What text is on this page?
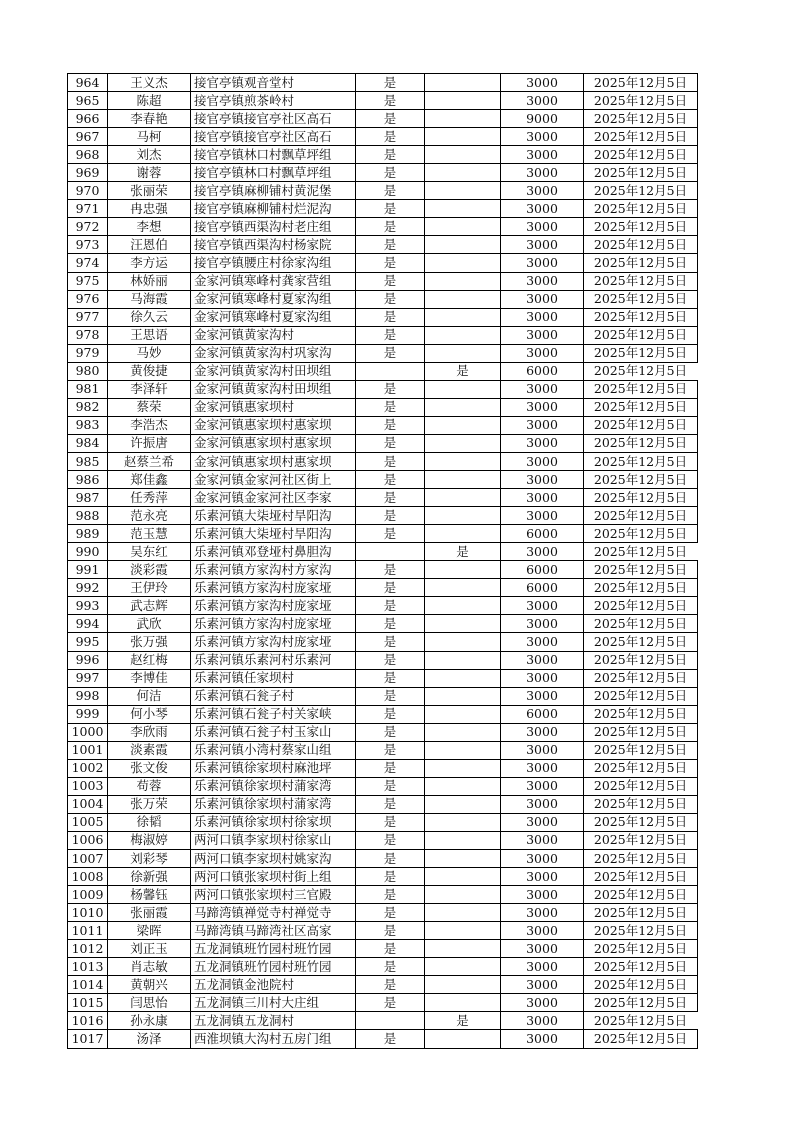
964	王义杰	接官亭镇观音堂村	是		3000	2025年12月5日
965	陈超	接官亭镇煎茶岭村	是		3000	2025年12月5日
966	李春艳	接官亭镇接官亭社区高石	是		9000	2025年12月5日
967	马柯	接官亭镇接官亭社区高石	是		3000	2025年12月5日
968	刘杰	接官亭镇林口村飘草坪组	是		3000	2025年12月5日
969	谢蓉	接官亭镇林口村飘草坪组	是		3000	2025年12月5日
970	张丽荣	接官亭镇麻柳铺村黄泥堡	是		3000	2025年12月5日
971	冉忠强	接官亭镇麻柳铺村烂泥沟	是		3000	2025年12月5日
972	李想	接官亭镇西渠沟村老庄组	是		3000	2025年12月5日
973	汪恩伯	接官亭镇西渠沟村杨家院	是		3000	2025年12月5日
974	李方运	接官亭镇腰庄村徐家沟组	是		3000	2025年12月5日
975	林娇丽	金家河镇寒峰村龚家营组	是		3000	2025年12月5日
976	马海霞	金家河镇寒峰村夏家沟组	是		3000	2025年12月5日
977	徐久云	金家河镇寒峰村夏家沟组	是		3000	2025年12月5日
978	王思语	金家河镇黄家沟村	是		3000	2025年12月5日
979	马妙	金家河镇黄家沟村巩家沟	是		3000	2025年12月5日
980	黄俊捷	金家河镇黄家沟村田坝组		是	6000	2025年12月5日
981	李泽轩	金家河镇黄家沟村田坝组	是		3000	2025年12月5日
982	蔡荣	金家河镇惠家坝村	是		3000	2025年12月5日
983	李浩杰	金家河镇惠家坝村惠家坝	是		3000	2025年12月5日
984	许振唐	金家河镇惠家坝村惠家坝	是		3000	2025年12月5日
985	赵蔡兰希	金家河镇惠家坝村惠家坝	是		3000	2025年12月5日
986	郑佳鑫	金家河镇金家河社区街上	是		3000	2025年12月5日
987	任秀萍	金家河镇金家河社区李家	是		3000	2025年12月5日
988	范永亮	乐素河镇大柒垭村旱阳沟	是		3000	2025年12月5日
989	范玉慧	乐素河镇大柒垭村旱阳沟	是		6000	2025年12月5日
990	吴东红	乐素河镇邓登垭村鼻胆沟		是	3000	2025年12月5日
991	淡彩霞	乐素河镇方家沟村方家沟	是		6000	2025年12月5日
992	王伊玲	乐素河镇方家沟村庞家垭	是		6000	2025年12月5日
993	武志辉	乐素河镇方家沟村庞家垭	是		3000	2025年12月5日
994	武欣	乐素河镇方家沟村庞家垭	是		3000	2025年12月5日
995	张万强	乐素河镇方家沟村庞家垭	是		3000	2025年12月5日
996	赵红梅	乐素河镇乐素河村乐素河	是		3000	2025年12月5日
997	李博佳	乐素河镇任家坝村	是		3000	2025年12月5日
998	何洁	乐素河镇石瓮子村	是		3000	2025年12月5日
999	何小琴	乐素河镇石瓮子村关家峡	是		6000	2025年12月5日
1000	李欣雨	乐素河镇石瓮子村玉家山	是		3000	2025年12月5日
1001	淡素霞	乐素河镇小湾村蔡家山组	是		3000	2025年12月5日
1002	张文俊	乐素河镇徐家坝村麻池坪	是		3000	2025年12月5日
1003	苟蓉	乐素河镇徐家坝村蒲家湾	是		3000	2025年12月5日
1004	张万荣	乐素河镇徐家坝村蒲家湾	是		3000	2025年12月5日
1005	徐韬	乐素河镇徐家坝村徐家坝	是		3000	2025年12月5日
1006	梅淑婷	两河口镇李家坝村徐家山	是		3000	2025年12月5日
1007	刘彩琴	两河口镇李家坝村姚家沟	是		3000	2025年12月5日
1008	徐新强	两河口镇张家坝村街上组	是		3000	2025年12月5日
1009	杨馨钰	两河口镇张家坝村三官殿	是		3000	2025年12月5日
1010	张丽霞	马蹄湾镇禅觉寺村禅觉寺	是		3000	2025年12月5日
1011	梁晖	马蹄湾镇马蹄湾社区高家	是		3000	2025年12月5日
1012	刘正玉	五龙洞镇班竹园村班竹园	是		3000	2025年12月5日
1013	肖志敏	五龙洞镇班竹园村班竹园	是		3000	2025年12月5日
1014	黄朝兴	五龙洞镇金池院村	是		3000	2025年12月5日
1015	闫思怡	五龙洞镇三川村大庄组	是		3000	2025年12月5日
1016	孙永康	五龙洞镇五龙洞村		是	3000	2025年12月5日
1017	汤泽	西淮坝镇大沟村五房门组	是		3000	2025年12月5日
